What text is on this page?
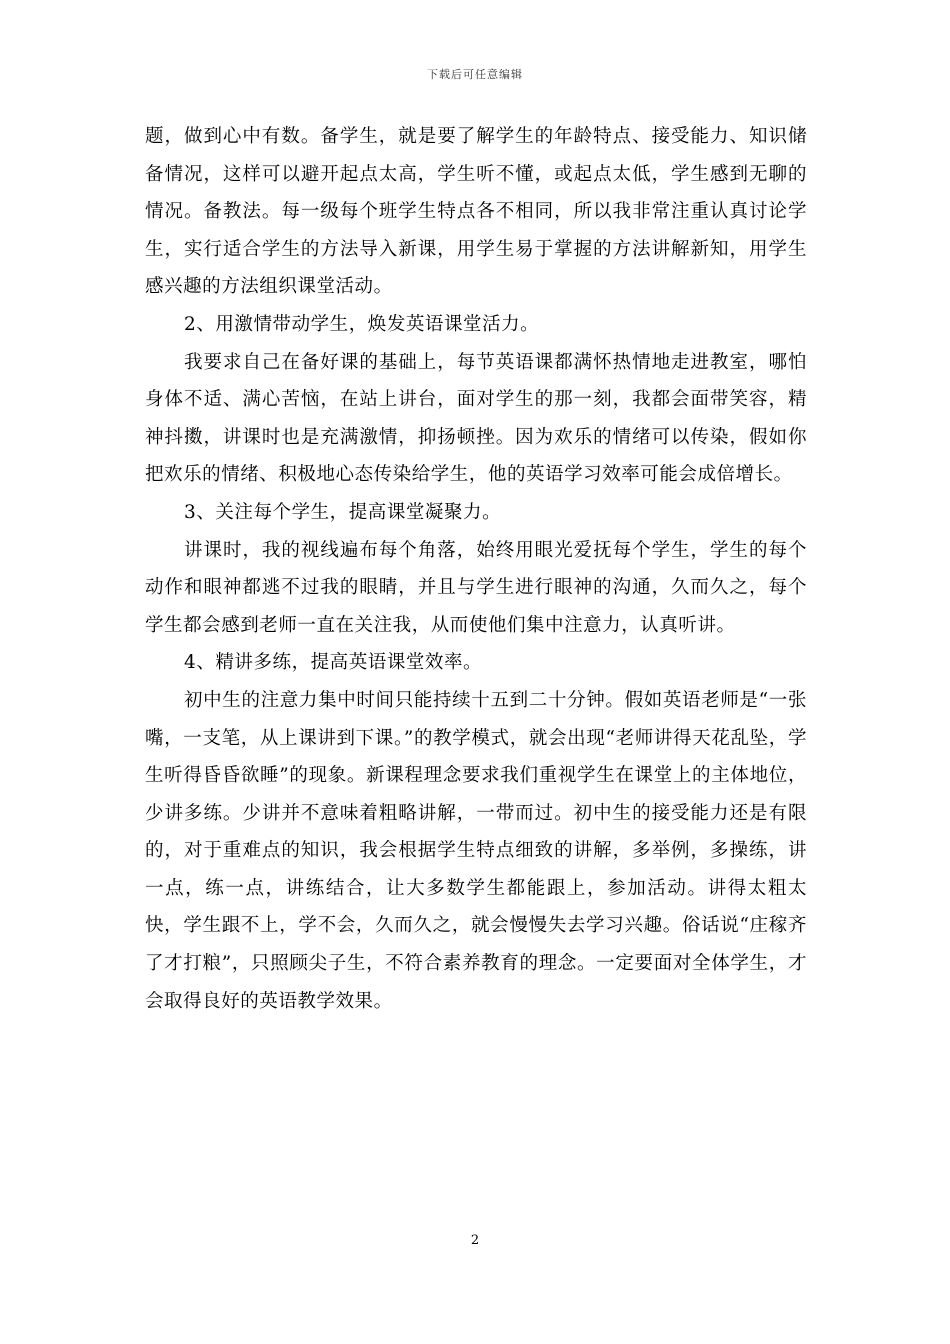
下载后可任意编辑

题，做到心中有数。备学生，就是要了解学生的年龄特点、接受能力、知识储备情况，这样可以避开起点太高，学生听不懂，或起点太低，学生感到无聊的情况。备教法。每一级每个班学生特点各不相同，所以我非常注重认真讨论学生，实行适合学生的方法导入新课，用学生易于掌握的方法讲解新知，用学生感兴趣的方法组织课堂活动。

2、用激情带动学生，焕发英语课堂活力。

我要求自己在备好课的基础上，每节英语课都满怀热情地走进教室，哪怕身体不适、满心苦恼，在站上讲台，面对学生的那一刻，我都会面带笑容，精神抖擞，讲课时也是充满激情，抑扬顿挫。因为欢乐的情绪可以传染，假如你把欢乐的情绪、积极地心态传染给学生，他的英语学习效率可能会成倍增长。

3、关注每个学生，提高课堂凝聚力。

讲课时，我的视线遍布每个角落，始终用眼光爱抚每个学生，学生的每个动作和眼神都逃不过我的眼睛，并且与学生进行眼神的沟通，久而久之，每个学生都会感到老师一直在关注我，从而使他们集中注意力，认真听讲。

4、精讲多练，提高英语课堂效率。

初中生的注意力集中时间只能持续十五到二十分钟。假如英语老师是“一张嘴，一支笔，从上课讲到下课。”的教学模式，就会出现“老师讲得天花乱坠，学生听得昏昏欲睡”的现象。新课程理念要求我们重视学生在课堂上的主体地位，少讲多练。少讲并不意味着粗略讲解，一带而过。初中生的接受能力还是有限的，对于重难点的知识，我会根据学生特点细致的讲解，多举例，多操练，讲一点，练一点，讲练结合，让大多数学生都能跟上，参加活动。讲得太粗太快，学生跟不上，学不会，久而久之，就会慢慢失去学习兴趣。俗话说“庄稼齐了才打粮”，只照顾尖子生，不符合素养教育的理念。一定要面对全体学生，才会取得良好的英语教学效果。

2
